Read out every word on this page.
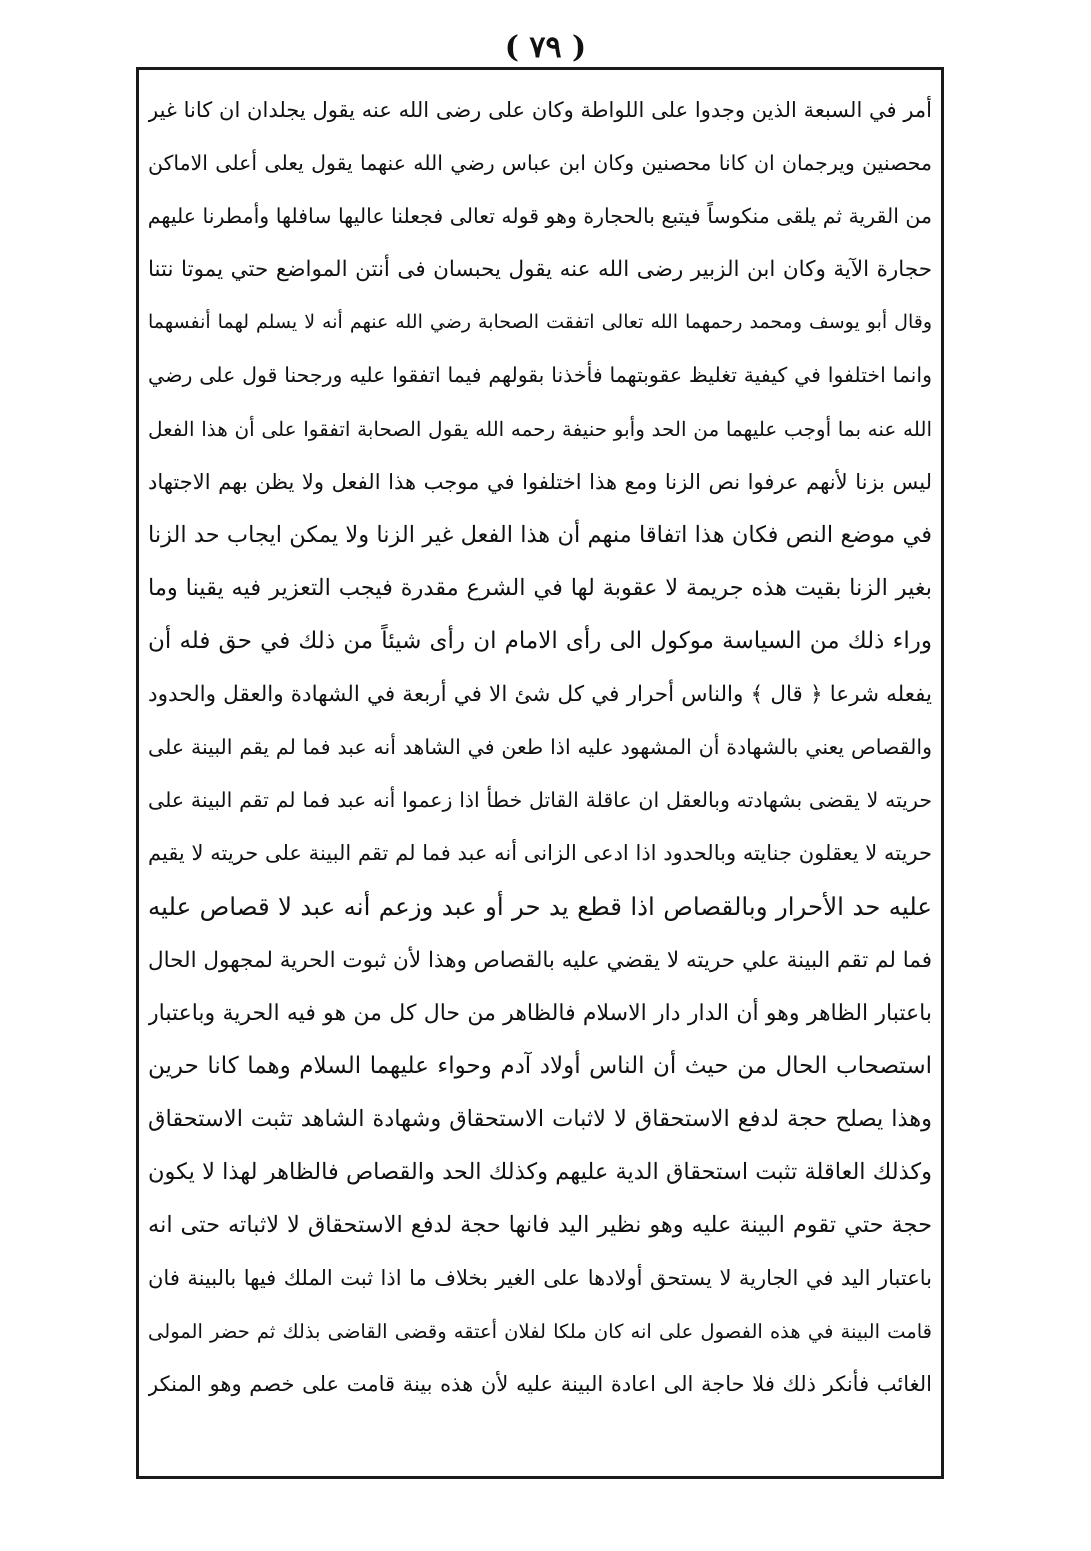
( ٧٩ )
أمر في السبعة الذين وجدوا على اللواطة وكان على رضى الله عنه يقول يجلدان ان كانا غير
محصنين ويرجمان ان كانا محصنين وكان ابن عباس رضي الله عنهما يقول يعلى أعلى الاماكن
من القرية ثم يلقى منكوساً فيتبع بالحجارة وهو قوله تعالى فجعلنا عاليها سافلها وأمطرنا عليهم
حجارة الآية وكان ابن الزبير رضى الله عنه يقول يحبسان فى أنتن المواضع حتي يموتا نتنا
وقال أبو يوسف ومحمد رحمهما الله تعالى اتفقت الصحابة رضي الله عنهم أنه لا يسلم لهما أنفسهما
وانما اختلفوا في كيفية تغليظ عقوبتهما فأخذنا بقولهم فيما اتفقوا عليه ورجحنا قول على رضي
الله عنه بما أوجب عليهما من الحد وأبو حنيفة رحمه الله يقول الصحابة اتفقوا على أن هذا الفعل
ليس بزنا لأنهم عرفوا نص الزنا ومع هذا اختلفوا في موجب هذا الفعل ولا يظن بهم الاجتهاد
في موضع النص فكان هذا اتفاقا منهم أن هذا الفعل غير الزنا ولا يمكن ايجاب حد الزنا
بغير الزنا بقيت هذه جريمة لا عقوبة لها في الشرع مقدرة فيجب التعزير فيه يقينا وما
وراء ذلك من السياسة موكول الى رأى الامام ان رأى شيئاً من ذلك في حق فله أن
يفعله شرعا ﴿ قال ﴾ والناس أحرار في كل شئ الا في أربعة في الشهادة والعقل والحدود
والقصاص يعني بالشهادة أن المشهود عليه اذا طعن في الشاهد أنه عبد فما لم يقم البينة على
حريته لا يقضى بشهادته وبالعقل ان عاقلة القاتل خطأ اذا زعموا أنه عبد فما لم تقم البينة على
حريته لا يعقلون جنايته وبالحدود اذا ادعى الزانى أنه عبد فما لم تقم البينة على حريته لا يقيم
عليه حد الأحرار وبالقصاص اذا قطع يد حر أو عبد وزعم أنه عبد لا قصاص عليه
فما لم تقم البينة علي حريته لا يقضي عليه بالقصاص وهذا لأن ثبوت الحرية لمجهول الحال
باعتبار الظاهر وهو أن الدار دار الاسلام فالظاهر من حال كل من هو فيه الحرية وباعتبار
استصحاب الحال من حيث أن الناس أولاد آدم وحواء عليهما السلام وهما كانا حرين
وهذا يصلح حجة لدفع الاستحقاق لا لاثبات الاستحقاق وشهادة الشاهد تثبت الاستحقاق
وكذلك العاقلة تثبت استحقاق الدية عليهم وكذلك الحد والقصاص فالظاهر لهذا لا يكون
حجة حتي تقوم البينة عليه وهو نظير اليد فانها حجة لدفع الاستحقاق لا لاثباته حتى انه
باعتبار اليد في الجارية لا يستحق أولادها على الغير بخلاف ما اذا ثبت الملك فيها بالبينة فان
قامت البينة في هذه الفصول على انه كان ملكا لفلان أعتقه وقضى القاضى بذلك ثم حضر المولى
الغائب فأنكر ذلك فلا حاجة الى اعادة البينة عليه لأن هذه بينة قامت على خصم وهو المنكر
